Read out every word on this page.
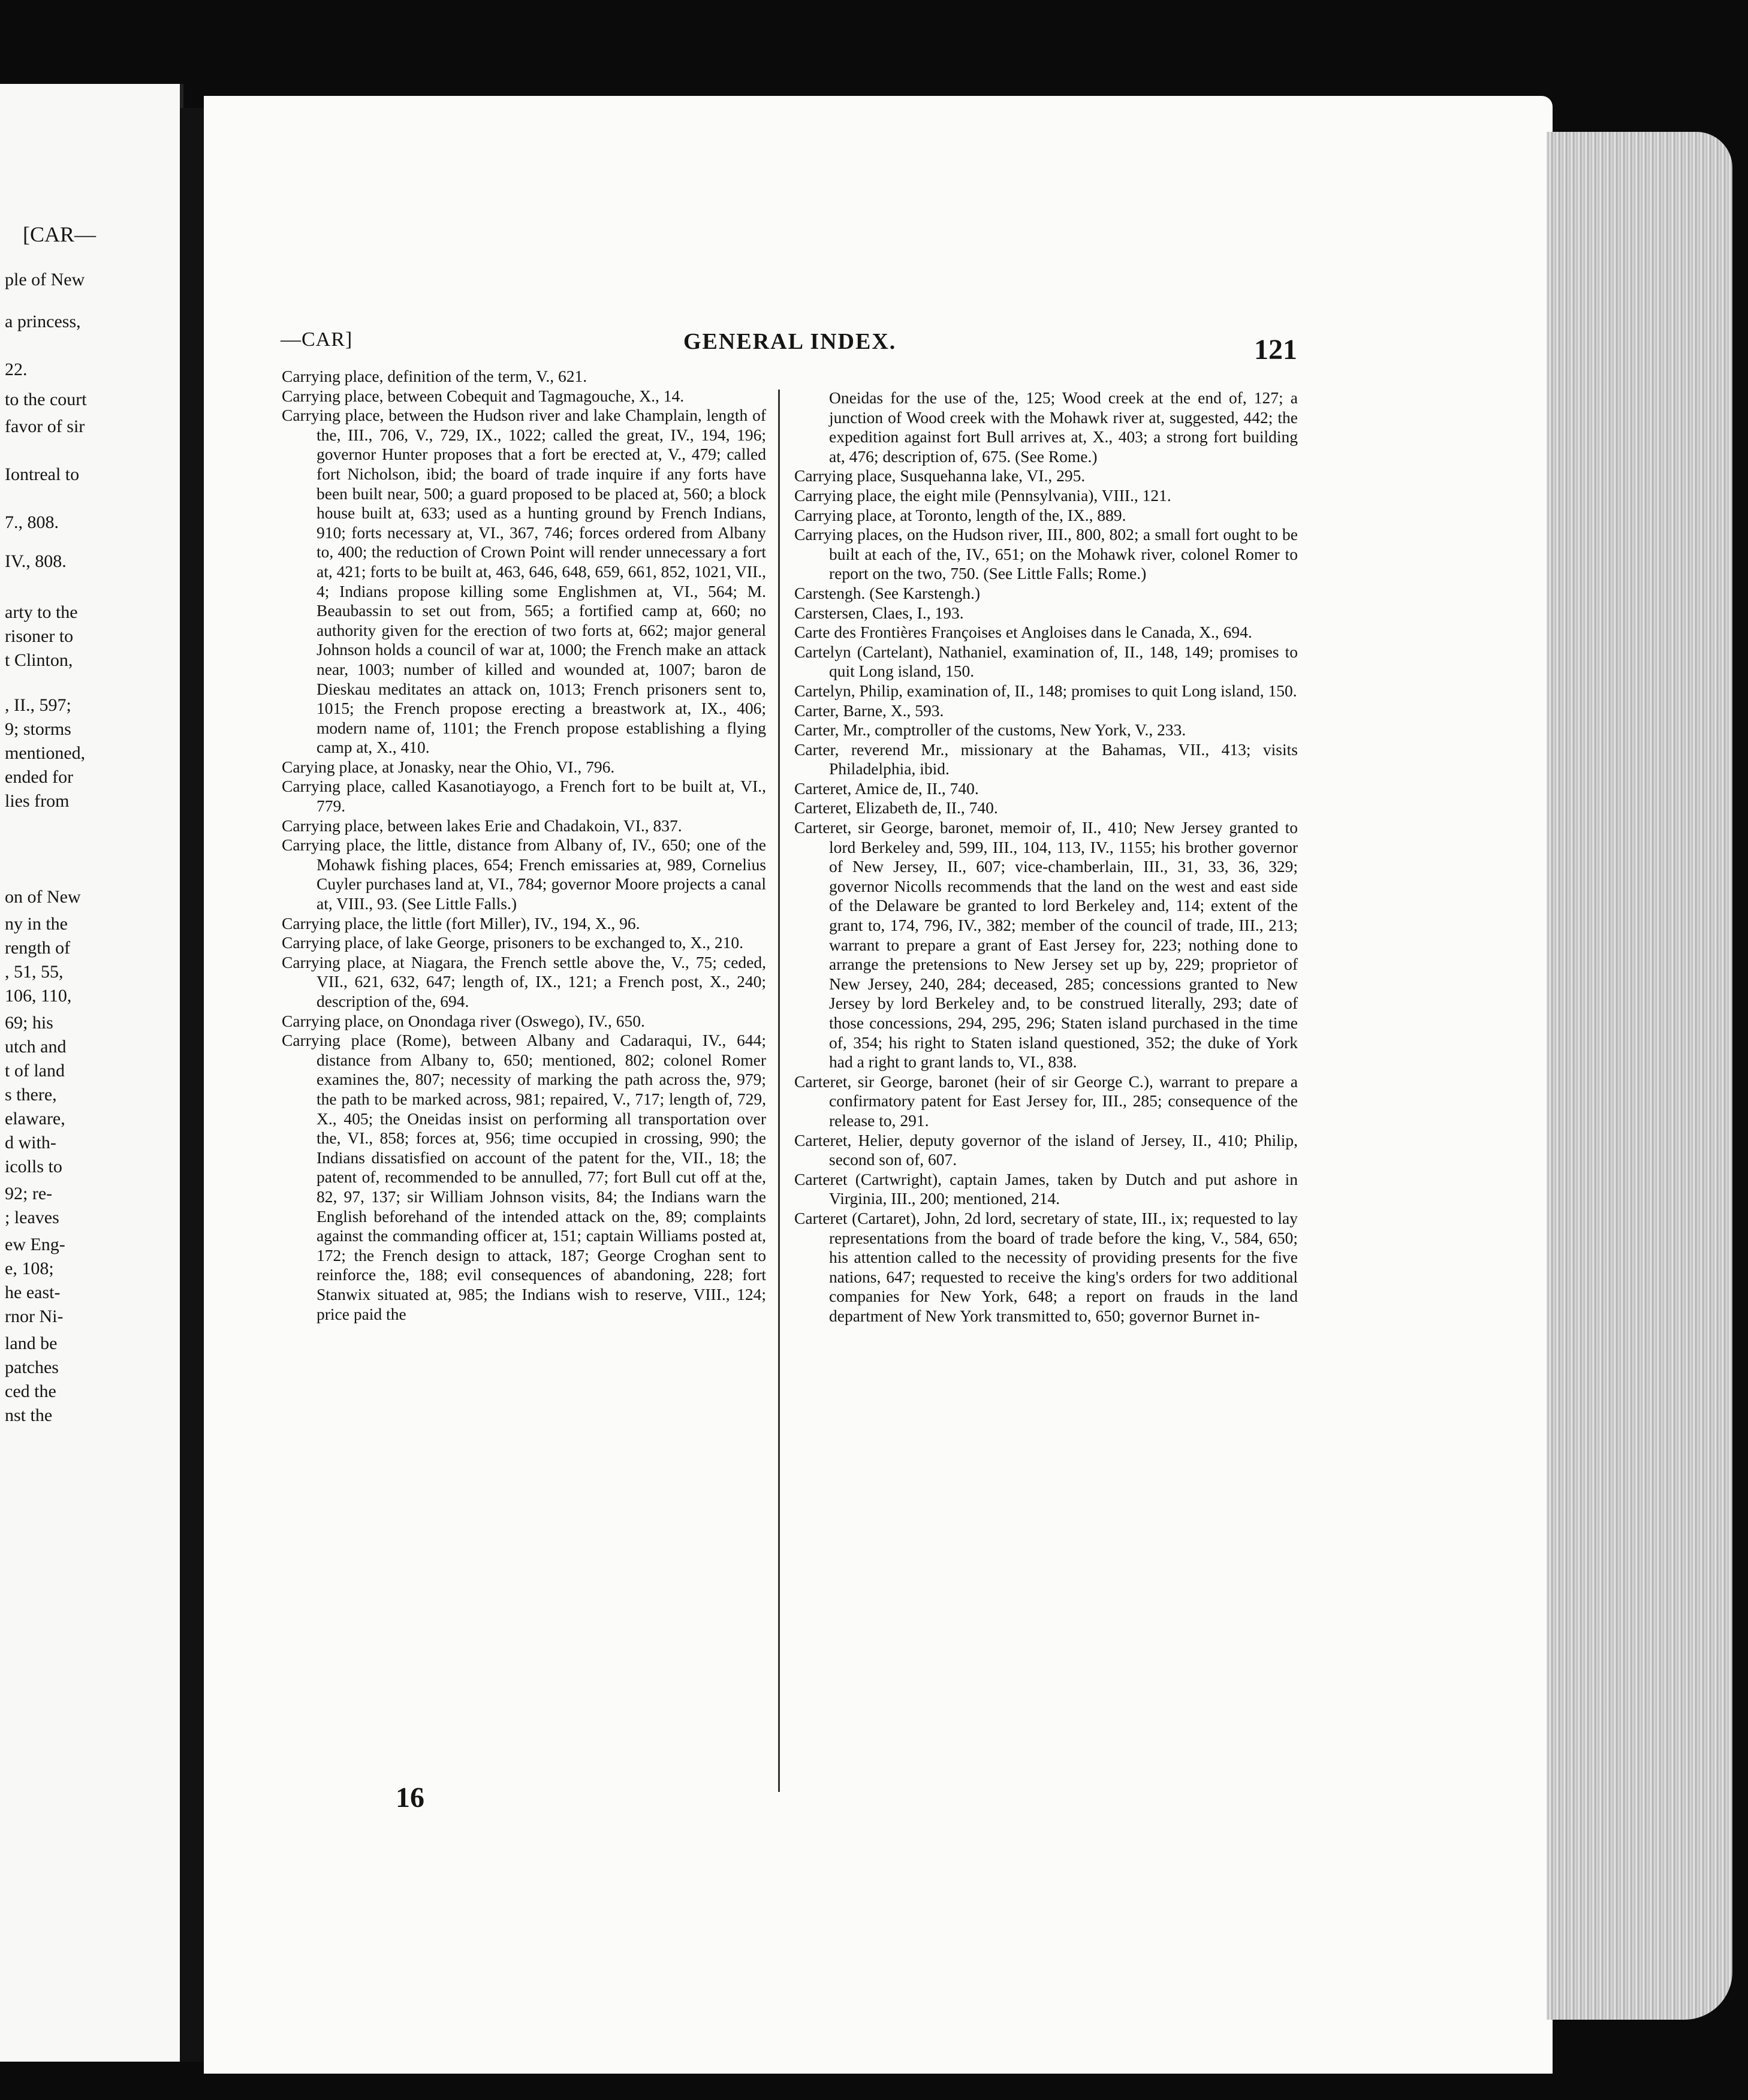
[CAR—
ple of New
a princess,
22.
to the court
favor of sir
Iontreal to
7., 808.
IV., 808.
arty to the
risoner to
t Clinton,
, II., 597;
9; storms
mentioned,
ended for
lies from
on of New
ny in the
rength of
, 51, 55,
106, 110,
69; his
utch and
t of land
s there,
elaware,
d with-
icolls to
92; re-
; leaves
ew Eng-
e, 108;
he east-
rnor Ni-
land be
patches
ced the
nst the
—CAR]	GENERAL INDEX.	121

Carrying place, definition of the term, V., 621.

Carrying place, between Cobequit and Tagmagouche, X., 14.

Carrying place, between the Hudson river and lake Champlain, length of the, III., 706, V., 729, IX., 1022; called the great, IV., 194, 196; governor Hunter proposes that a fort be erected at, V., 479; called fort Nicholson, ibid; the board of trade inquire if any forts have been built near, 500; a guard proposed to be placed at, 560; a block house built at, 633; used as a hunting ground by French Indians, 910; forts necessary at, VI., 367, 746; forces ordered from Albany to, 400; the reduction of Crown Point will render unnecessary a fort at, 421; forts to be built at, 463, 646, 648, 659, 661, 852, 1021, VII., 4; Indians propose killing some Englishmen at, VI., 564; M. Beaubassin to set out from, 565; a fortified camp at, 660; no authority given for the erection of two forts at, 662; major general Johnson holds a council of war at, 1000; the French make an attack near, 1003; number of killed and wounded at, 1007; baron de Dieskau meditates an attack on, 1013; French prisoners sent to, 1015; the French propose erecting a breastwork at, IX., 406; modern name of, 1101; the French propose establishing a flying camp at, X., 410.

Carying place, at Jonasky, near the Ohio, VI., 796.

Carrying place, called Kasanotiayogo, a French fort to be built at, VI., 779.

Carrying place, between lakes Erie and Chadakoin, VI., 837.

Carrying place, the little, distance from Albany of, IV., 650; one of the Mohawk fishing places, 654; French emissaries at, 989, Cornelius Cuyler purchases land at, VI., 784; governor Moore projects a canal at, VIII., 93. (See Little Falls.)

Carrying place, the little (fort Miller), IV., 194, X., 96.

Carrying place, of lake George, prisoners to be exchanged to, X., 210.

Carrying place, at Niagara, the French settle above the, V., 75; ceded, VII., 621, 632, 647; length of, IX., 121; a French post, X., 240; description of the, 694.

Carrying place, on Onondaga river (Oswego), IV., 650.

Carrying place (Rome), between Albany and Cadaraqui, IV., 644; distance from Albany to, 650; mentioned, 802; colonel Romer examines the, 807; necessity of marking the path across the, 979; the path to be marked across, 981; repaired, V., 717; length of, 729, X., 405; the Oneidas insist on performing all transportation over the, VI., 858; forces at, 956; time occupied in crossing, 990; the Indians dissatisfied on account of the patent for the, VII., 18; the patent of, recommended to be annulled, 77; fort Bull cut off at the, 82, 97, 137; sir William Johnson visits, 84; the Indians warn the English beforehand of the intended attack on the, 89; complaints against the commanding officer at, 151; captain Williams posted at, 172; the French design to attack, 187; George Croghan sent to reinforce the, 188; evil consequences of abandoning, 228; fort Stanwix situated at, 985; the Indians wish to reserve, VIII., 124; price paid the

Oneidas for the use of the, 125; Wood creek at the end of, 127; a junction of Wood creek with the Mohawk river at, suggested, 442; the expedition against fort Bull arrives at, X., 403; a strong fort building at, 476; description of, 675. (See Rome.)

Carrying place, Susquehanna lake, VI., 295.

Carrying place, the eight mile (Pennsylvania), VIII., 121.

Carrying place, at Toronto, length of the, IX., 889.

Carrying places, on the Hudson river, III., 800, 802; a small fort ought to be built at each of the, IV., 651; on the Mohawk river, colonel Romer to report on the two, 750. (See Little Falls; Rome.)

Carstengh. (See Karstengh.)

Carstersen, Claes, I., 193.

Carte des Frontières Françoises et Angloises dans le Canada, X., 694.

Cartelyn (Cartelant), Nathaniel, examination of, II., 148, 149; promises to quit Long island, 150.

Cartelyn, Philip, examination of, II., 148; promises to quit Long island, 150.

Carter, Barne, X., 593.

Carter, Mr., comptroller of the customs, New York, V., 233.

Carter, reverend Mr., missionary at the Bahamas, VII., 413; visits Philadelphia, ibid.

Carteret, Amice de, II., 740.

Carteret, Elizabeth de, II., 740.

Carteret, sir George, baronet, memoir of, II., 410; New Jersey granted to lord Berkeley and, 599, III., 104, 113, IV., 1155; his brother governor of New Jersey, II., 607; vice-chamberlain, III., 31, 33, 36, 329; governor Nicolls recommends that the land on the west and east side of the Delaware be granted to lord Berkeley and, 114; extent of the grant to, 174, 796, IV., 382; member of the council of trade, III., 213; warrant to prepare a grant of East Jersey for, 223; nothing done to arrange the pretensions to New Jersey set up by, 229; proprietor of New Jersey, 240, 284; deceased, 285; concessions granted to New Jersey by lord Berkeley and, to be construed literally, 293; date of those concessions, 294, 295, 296; Staten island purchased in the time of, 354; his right to Staten island questioned, 352; the duke of York had a right to grant lands to, VI., 838.

Carteret, sir George, baronet (heir of sir George C.), warrant to prepare a confirmatory patent for East Jersey for, III., 285; consequence of the release to, 291.

Carteret, Helier, deputy governor of the island of Jersey, II., 410; Philip, second son of, 607.

Carteret (Cartwright), captain James, taken by Dutch and put ashore in Virginia, III., 200; mentioned, 214.

Carteret (Cartaret), John, 2d lord, secretary of state, III., ix; requested to lay representations from the board of trade before the king, V., 584, 650; his attention called to the necessity of providing presents for the five nations, 647; requested to receive the king's orders for two additional companies for New York, 648; a report on frauds in the land department of New York transmitted to, 650; governor Burnet in-

16
